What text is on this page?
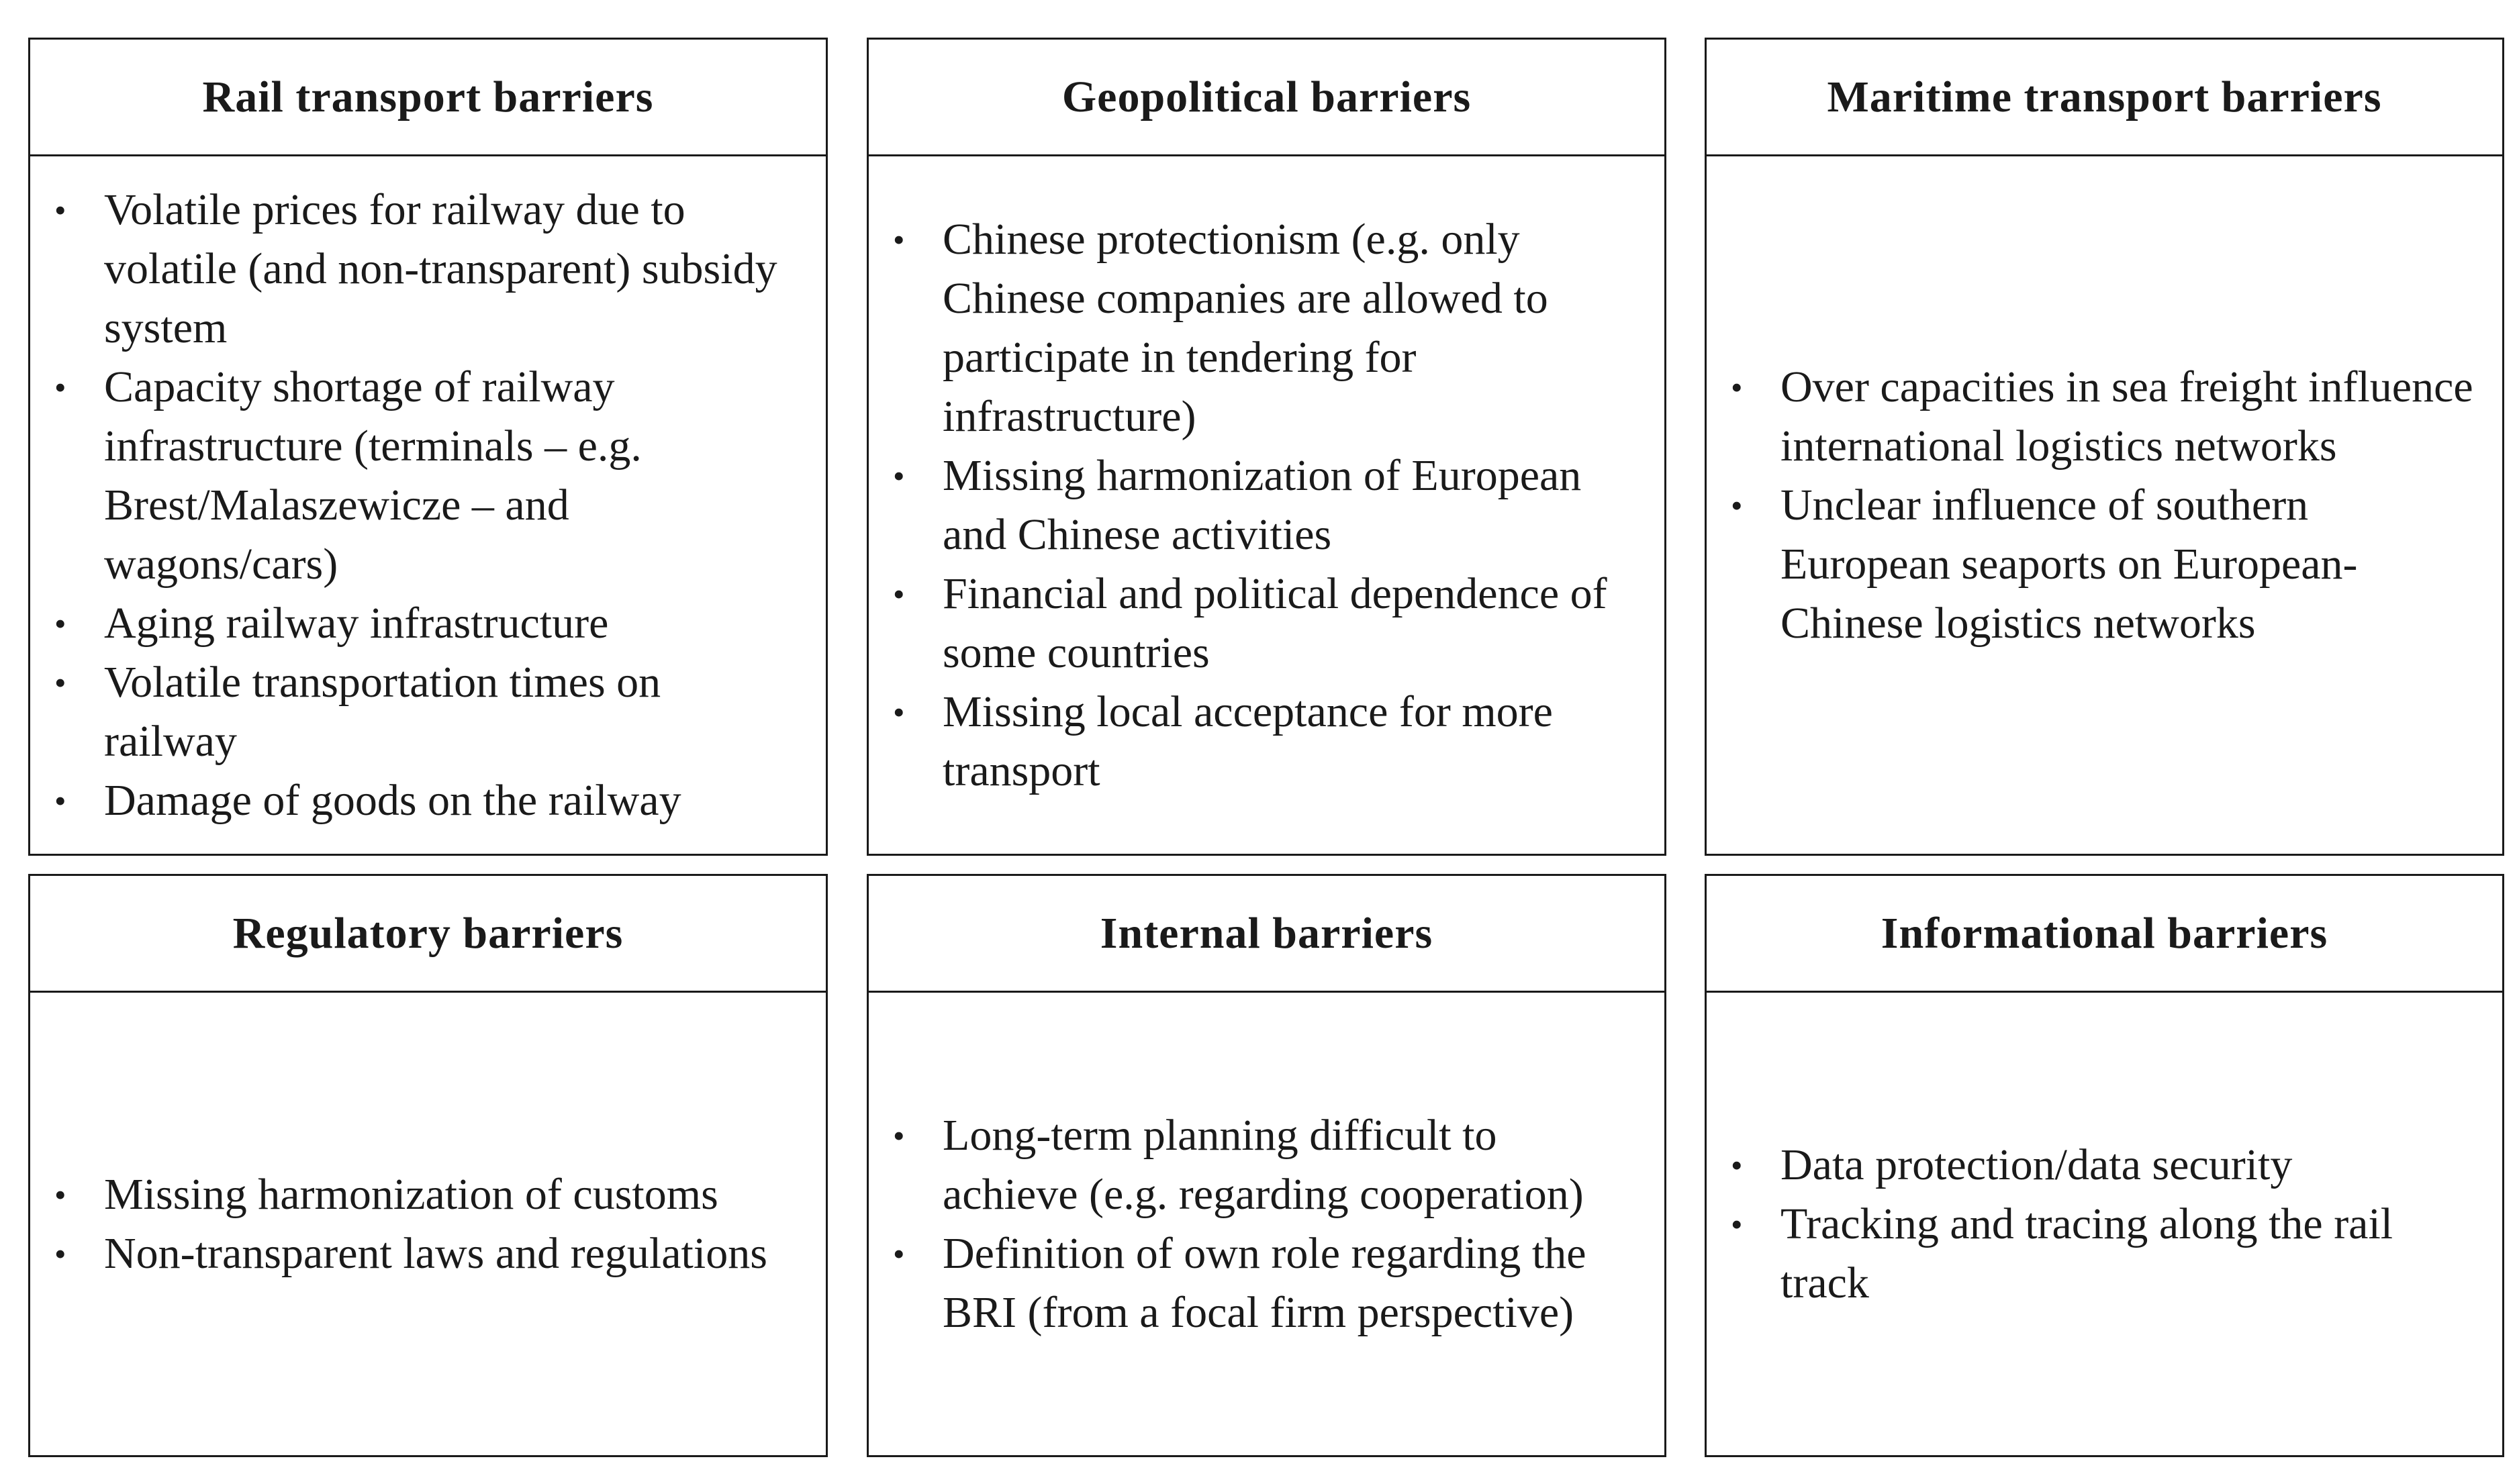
Rail transport barriers
• Volatile prices for railway due to volatile (and non-transparent) subsidy system
• Capacity shortage of railway infrastructure (terminals – e.g. Brest/Malaszewicze – and wagons/cars)
• Aging railway infrastructure
• Volatile transportation times on railway
• Damage of goods on the railway
Geopolitical barriers
• Chinese protectionism (e.g. only Chinese companies are allowed to participate in tendering for infrastructure)
• Missing harmonization of European and Chinese activities
• Financial and political dependence of some countries
• Missing local acceptance for more transport
Maritime transport barriers
• Over capacities in sea freight influence international logistics networks
• Unclear influence of southern European seaports on European-Chinese logistics networks
Regulatory barriers
• Missing harmonization of customs
• Non-transparent laws and regulations
Internal barriers
• Long-term planning difficult to achieve (e.g. regarding cooperation)
• Definition of own role regarding the BRI (from a focal firm perspective)
Informational barriers
• Data protection/data security
• Tracking and tracing along the rail track
